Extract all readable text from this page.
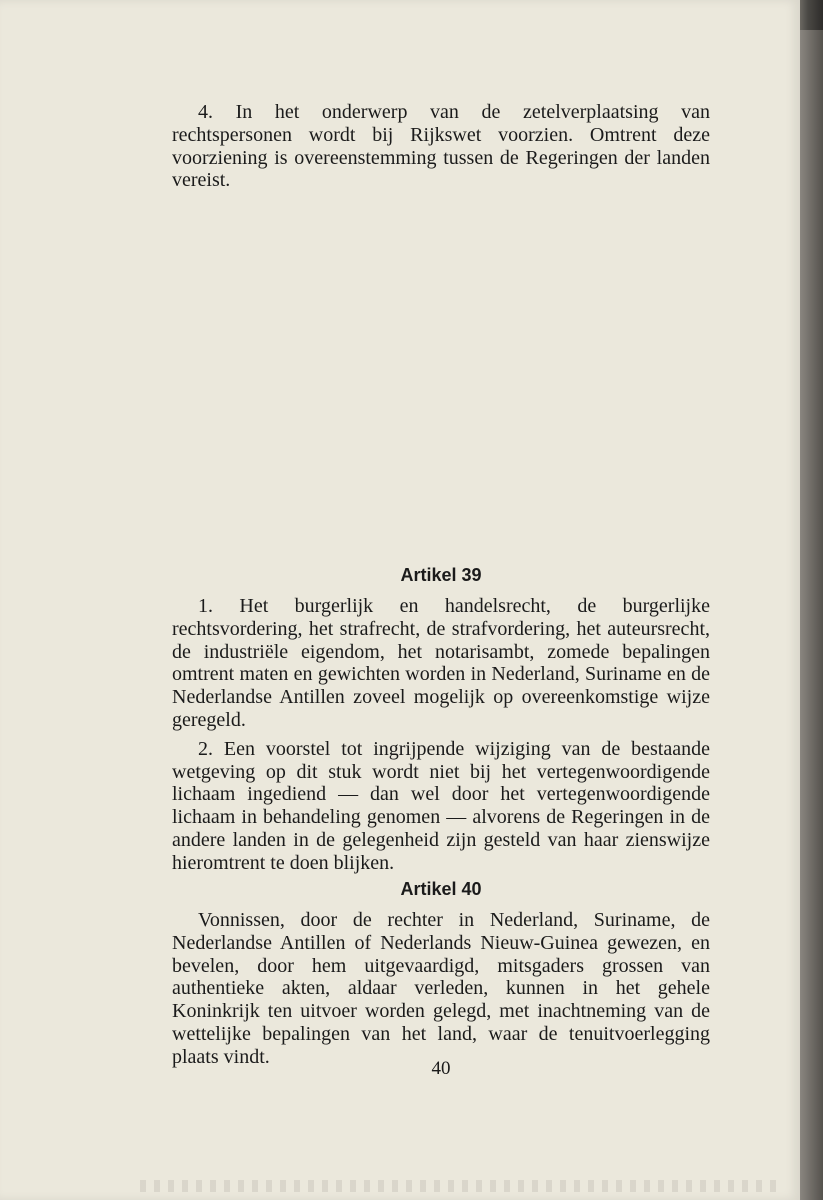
4. In het onderwerp van de zetelverplaatsing van rechtspersonen wordt bij Rijkswet voorzien. Omtrent deze voorziening is overeenstemming tussen de Regeringen der landen vereist.

Artikel 39

1. Het burgerlijk en handelsrecht, de burgerlijke rechtsvordering, het strafrecht, de strafvordering, het auteursrecht, de industriële eigendom, het notarisambt, zomede bepalingen omtrent maten en gewichten worden in Nederland, Suriname en de Nederlandse Antillen zoveel mogelijk op overeenkomstige wijze geregeld.

2. Een voorstel tot ingrijpende wijziging van de bestaande wetgeving op dit stuk wordt niet bij het vertegenwoordigende lichaam ingediend — dan wel door het vertegenwoordigende lichaam in behandeling genomen — alvorens de Regeringen in de andere landen in de gelegenheid zijn gesteld van haar zienswijze hieromtrent te doen blijken.

Artikel 40

Vonnissen, door de rechter in Nederland, Suriname, de Nederlandse Antillen of Nederlands Nieuw-Guinea gewezen, en bevelen, door hem uitgevaardigd, mitsgaders grossen van authentieke akten, aldaar verleden, kunnen in het gehele Koninkrijk ten uitvoer worden gelegd, met inachtneming van de wettelijke bepalingen van het land, waar de tenuitvoerlegging plaats vindt.

40
